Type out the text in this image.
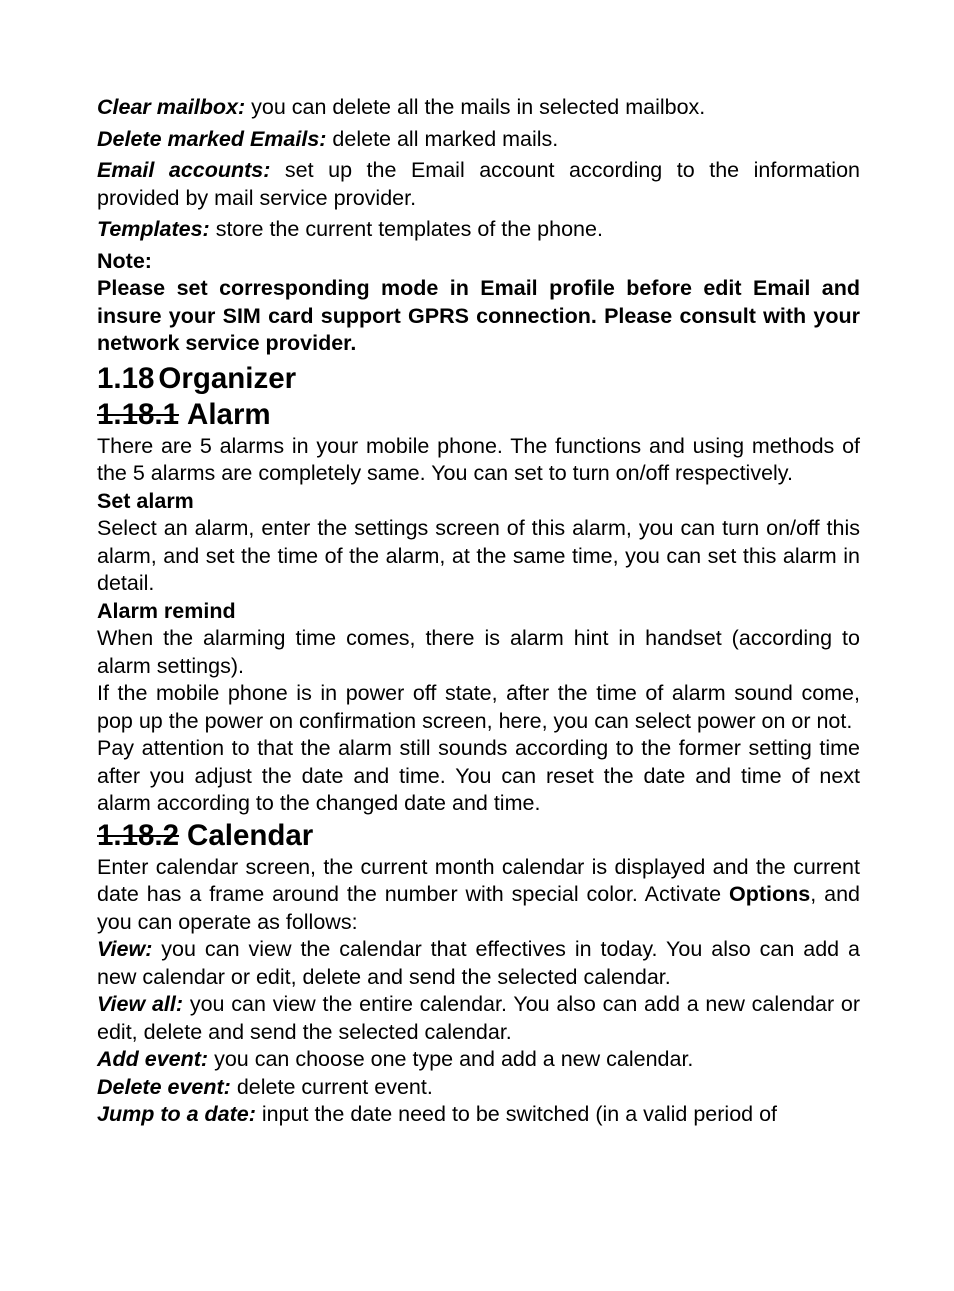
Clear mailbox: you can delete all the mails in selected mailbox.

Delete marked Emails: delete all marked mails.

Email accounts: set up the Email account according to the information provided by mail service provider.

Templates: store the current templates of the phone.

Note:

Please set corresponding mode in Email profile before edit Email and insure your SIM card support GPRS connection. Please consult with your network service provider.

1.18 Organizer
1.18.1 Alarm

There are 5 alarms in your mobile phone. The functions and using methods of the 5 alarms are completely same. You can set to turn on/off respectively.

Set alarm

Select an alarm, enter the settings screen of this alarm, you can turn on/off this alarm, and set the time of the alarm, at the same time, you can set this alarm in detail.

Alarm remind

When the alarming time comes, there is alarm hint in handset (according to alarm settings).

If the mobile phone is in power off state, after the time of alarm sound come, pop up the power on confirmation screen, here, you can select power on or not.

Pay attention to that the alarm still sounds according to the former setting time after you adjust the date and time. You can reset the date and time of next alarm according to the changed date and time.

1.18.2 Calendar

Enter calendar screen, the current month calendar is displayed and the current date has a frame around the number with special color. Activate Options, and you can operate as follows:

View: you can view the calendar that effectives in today. You also can add a new calendar or edit, delete and send the selected calendar.

View all: you can view the entire calendar. You also can add a new calendar or edit, delete and send the selected calendar.

Add event: you can choose one type and add a new calendar.

Delete event: delete current event.

Jump to a date: input the date need to be switched (in a valid period of
